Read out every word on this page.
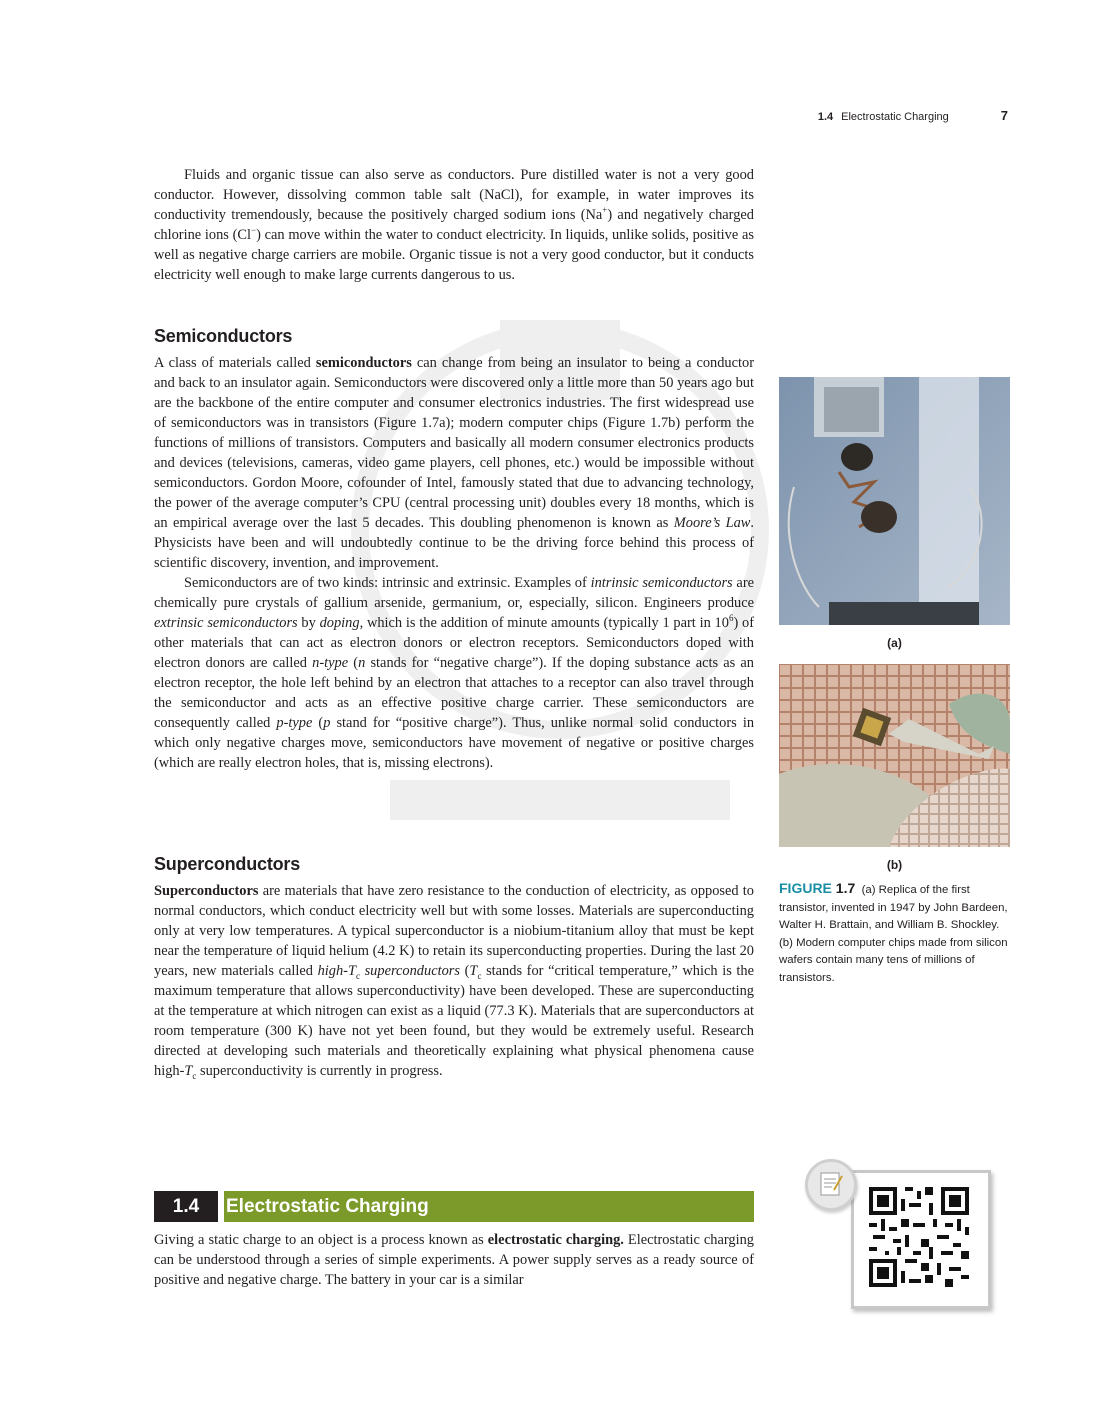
1.4 Electrostatic Charging	7

Fluids and organic tissue can also serve as conductors. Pure distilled water is not a very good conductor. However, dissolving common table salt (NaCl), for example, in water improves its conductivity tremendously, because the positively charged sodium ions (Na+) and negatively charged chlorine ions (Cl−) can move within the water to conduct electricity. In liquids, unlike solids, positive as well as negative charge carriers are mobile. Organic tissue is not a very good conductor, but it conducts electricity well enough to make large currents dangerous to us.

Semiconductors

A class of materials called semiconductors can change from being an insulator to being a conductor and back to an insulator again. Semiconductors were discovered only a little more than 50 years ago but are the backbone of the entire computer and consumer electronics industries. The first widespread use of semiconductors was in transistors (Figure 1.7a); modern computer chips (Figure 1.7b) perform the functions of millions of transistors. Computers and basically all modern consumer electronics products and devices (televisions, cameras, video game players, cell phones, etc.) would be impossible without semiconductors. Gordon Moore, cofounder of Intel, famously stated that due to advancing technology, the power of the average computer’s CPU (central processing unit) doubles every 18 months, which is an empirical average over the last 5 decades. This doubling phenomenon is known as Moore’s Law. Physicists have been and will undoubtedly continue to be the driving force behind this process of scientific discovery, invention, and improvement.

Semiconductors are of two kinds: intrinsic and extrinsic. Examples of intrinsic semiconductors are chemically pure crystals of gallium arsenide, germanium, or, especially, silicon. Engineers produce extrinsic semiconductors by doping, which is the addition of minute amounts (typically 1 part in $10^6$) of other materials that can act as electron donors or electron receptors. Semiconductors doped with electron donors are called n-type (n stands for “negative charge”). If the doping substance acts as an electron receptor, the hole left behind by an electron that attaches to a receptor can also travel through the semiconductor and acts as an effective positive charge carrier. These semiconductors are consequently called p-type (p stand for “positive charge”). Thus, unlike normal solid conductors in which only negative charges move, semiconductors have movement of negative or positive charges (which are really electron holes, that is, missing electrons).

Superconductors

Superconductors are materials that have zero resistance to the conduction of electricity, as opposed to normal conductors, which conduct electricity well but with some losses. Materials are superconducting only at very low temperatures. A typical superconductor is a niobium-titanium alloy that must be kept near the temperature of liquid helium (4.2 K) to retain its superconducting properties. During the last 20 years, new materials called high-$T_c$ superconductors ($T_c$ stands for “critical temperature,” which is the maximum temperature that allows superconductivity) have been developed. These are superconducting at the temperature at which nitrogen can exist as a liquid (77.3 K). Materials that are superconductors at room temperature (300 K) have not yet been found, but they would be extremely useful. Research directed at developing such materials and theoretically explaining what physical phenomena cause high-$T_c$ superconductivity is currently in progress.

1.4	Electrostatic Charging

Giving a static charge to an object is a process known as electrostatic charging. Electrostatic charging can be understood through a series of simple experiments. A power supply serves as a ready source of positive and negative charge. The battery in your car is a similar

(a)
(b)
FIGURE 1.7 (a) Replica of the first transistor, invented in 1947 by John Bardeen, Walter H. Brattain, and William B. Shockley. (b) Modern computer chips made from silicon wafers contain many tens of millions of transistors.
